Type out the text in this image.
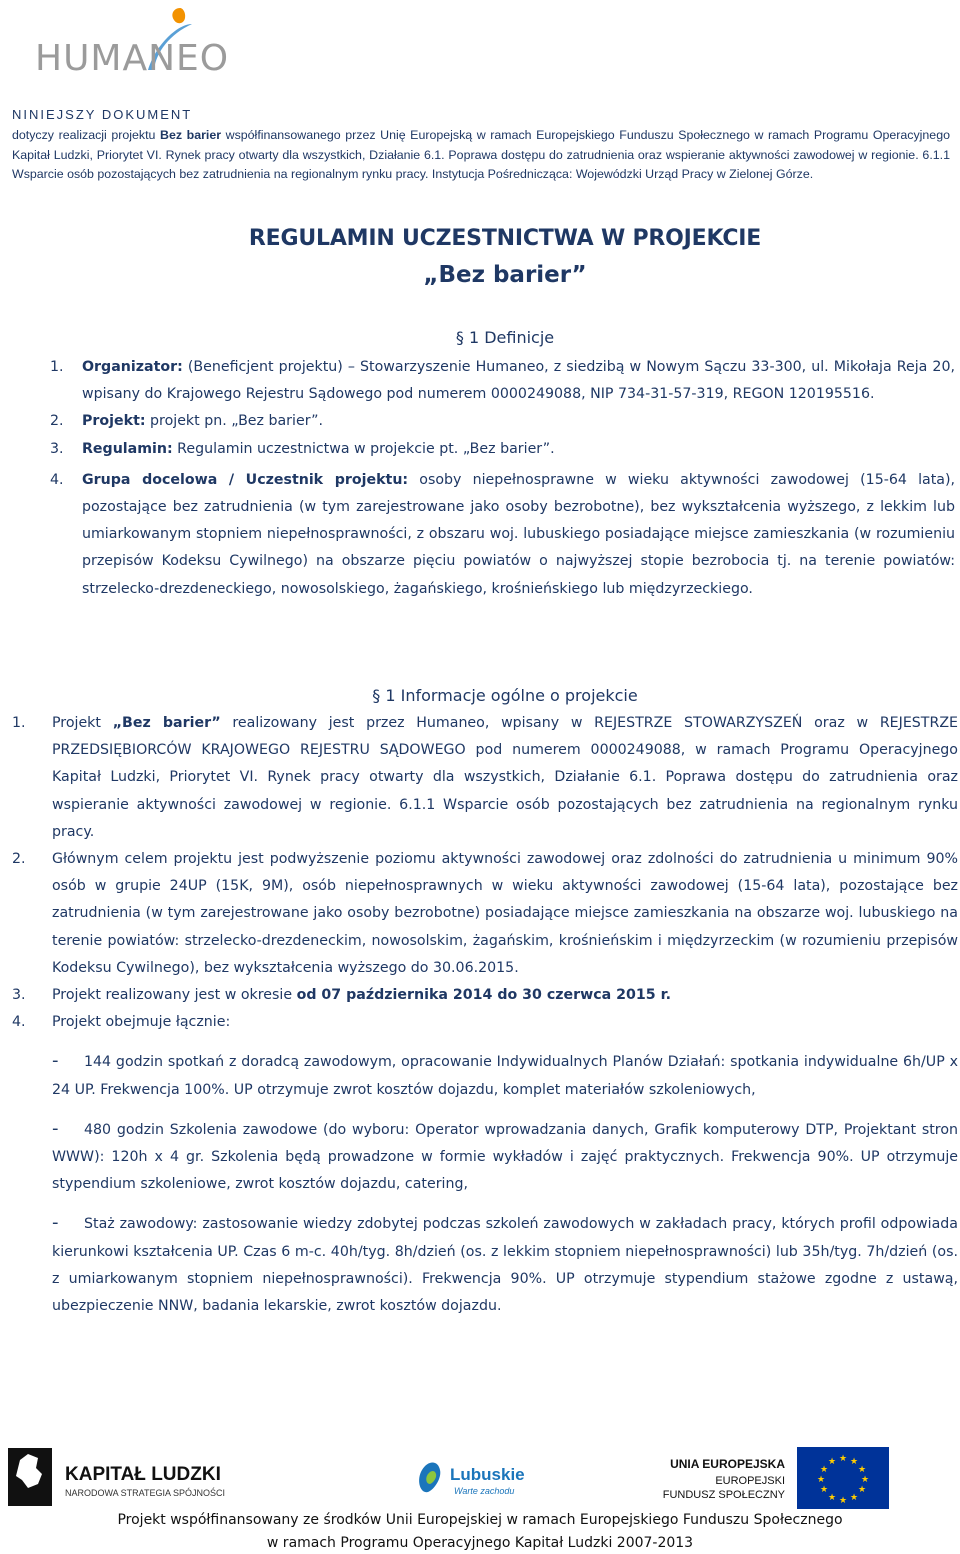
HUMANEO
NINIEJSZY DOKUMENT
dotyczy realizacji projektu Bez barier współfinansowanego przez Unię Europejską w ramach Europejskiego Funduszu Społecznego w ramach Programu Operacyjnego Kapitał Ludzki, Priorytet VI. Rynek pracy otwarty dla wszystkich, Działanie 6.1. Poprawa dostępu do zatrudnienia oraz wspieranie aktywności zawodowej w regionie. 6.1.1 Wsparcie osób pozostających bez zatrudnienia na regionalnym rynku pracy. Instytucja Pośrednicząca: Wojewódzki Urząd Pracy w Zielonej Górze.
REGULAMIN UCZESTNICTWA W PROJEKCIE
„Bez barier”
§ 1 Definicje
1. Organizator: (Beneficjent projektu) – Stowarzyszenie Humaneo, z siedzibą w Nowym Sączu 33-300, ul. Mikołaja Reja 20, wpisany do Krajowego Rejestru Sądowego pod numerem 0000249088, NIP 734-31-57-319, REGON 120195516.
2. Projekt: projekt pn. „Bez barier”.
3. Regulamin: Regulamin uczestnictwa w projekcie pt. „Bez barier”.
4. Grupa docelowa / Uczestnik projektu: osoby niepełnosprawne w wieku aktywności zawodowej (15-64 lata), pozostające bez zatrudnienia (w tym zarejestrowane jako osoby bezrobotne), bez wykształcenia wyższego, z lekkim lub umiarkowanym stopniem niepełnosprawności, z obszaru woj. lubuskiego posiadające miejsce zamieszkania (w rozumieniu przepisów Kodeksu Cywilnego) na obszarze pięciu powiatów o najwyższej stopie bezrobocia tj. na terenie powiatów: strzelecko-drezdeneckiego, nowosolskiego, żagańskiego, krośnieńskiego lub międzyrzeckiego.
§ 1 Informacje ogólne o projekcie
1. Projekt „Bez barier” realizowany jest przez Humaneo, wpisany w REJESTRZE STOWARZYSZEŃ oraz w REJESTRZE PRZEDSIĘBIORCÓW KRAJOWEGO REJESTRU SĄDOWEGO pod numerem 0000249088, w ramach Programu Operacyjnego Kapitał Ludzki, Priorytet VI. Rynek pracy otwarty dla wszystkich, Działanie 6.1. Poprawa dostępu do zatrudnienia oraz wspieranie aktywności zawodowej w regionie. 6.1.1 Wsparcie osób pozostających bez zatrudnienia na regionalnym rynku pracy.
2. Głównym celem projektu jest podwyższenie poziomu aktywności zawodowej oraz zdolności do zatrudnienia u minimum 90% osób w grupie 24UP (15K, 9M), osób niepełnosprawnych w wieku aktywności zawodowej (15-64 lata), pozostające bez zatrudnienia (w tym zarejestrowane jako osoby bezrobotne) posiadające miejsce zamieszkania na obszarze woj. lubuskiego na terenie powiatów: strzelecko-drezdeneckim, nowosolskim, żagańskim, krośnieńskim i międzyrzeckim (w rozumieniu przepisów Kodeksu Cywilnego), bez wykształcenia wyższego do 30.06.2015.
3. Projekt realizowany jest w okresie od 07 października 2014 do 30 czerwca 2015 r.
4. Projekt obejmuje łącznie:
- 144 godzin spotkań z doradcą zawodowym, opracowanie Indywidualnych Planów Działań: spotkania indywidualne 6h/UP x 24 UP. Frekwencja 100%. UP otrzymuje zwrot kosztów dojazdu, komplet materiałów szkoleniowych,
- 480 godzin Szkolenia zawodowe (do wyboru: Operator wprowadzania danych, Grafik komputerowy DTP, Projektant stron WWW): 120h x 4 gr. Szkolenia będą prowadzone w formie wykładów i zajęć praktycznych. Frekwencja 90%. UP otrzymuje stypendium szkoleniowe, zwrot kosztów dojazdu, catering,
- Staż zawodowy: zastosowanie wiedzy zdobytej podczas szkoleń zawodowych w zakładach pracy, których profil odpowiada kierunkowi kształcenia UP. Czas 6 m-c. 40h/tyg. 8h/dzień (os. z lekkim stopniem niepełnosprawności) lub 35h/tyg. 7h/dzień (os. z umiarkowanym stopniem niepełnosprawności). Frekwencja 90%. UP otrzymuje stypendium stażowe zgodne z ustawą, ubezpieczenie NNW, badania lekarskie, zwrot kosztów dojazdu.
KAPITAŁ LUDZKI
NARODOWA STRATEGIA SPÓJNOŚCI
Lubuskie
Warte zachodu
UNIA EUROPEJSKA
EUROPEJSKI
FUNDUSZ SPOŁECZNY
★ ★
★
★
★
★
★
★
★
★
★
★
Projekt współfinansowany ze środków Unii Europejskiej w ramach Europejskiego Funduszu Społecznego
w ramach Programu Operacyjnego Kapitał Ludzki 2007-2013
